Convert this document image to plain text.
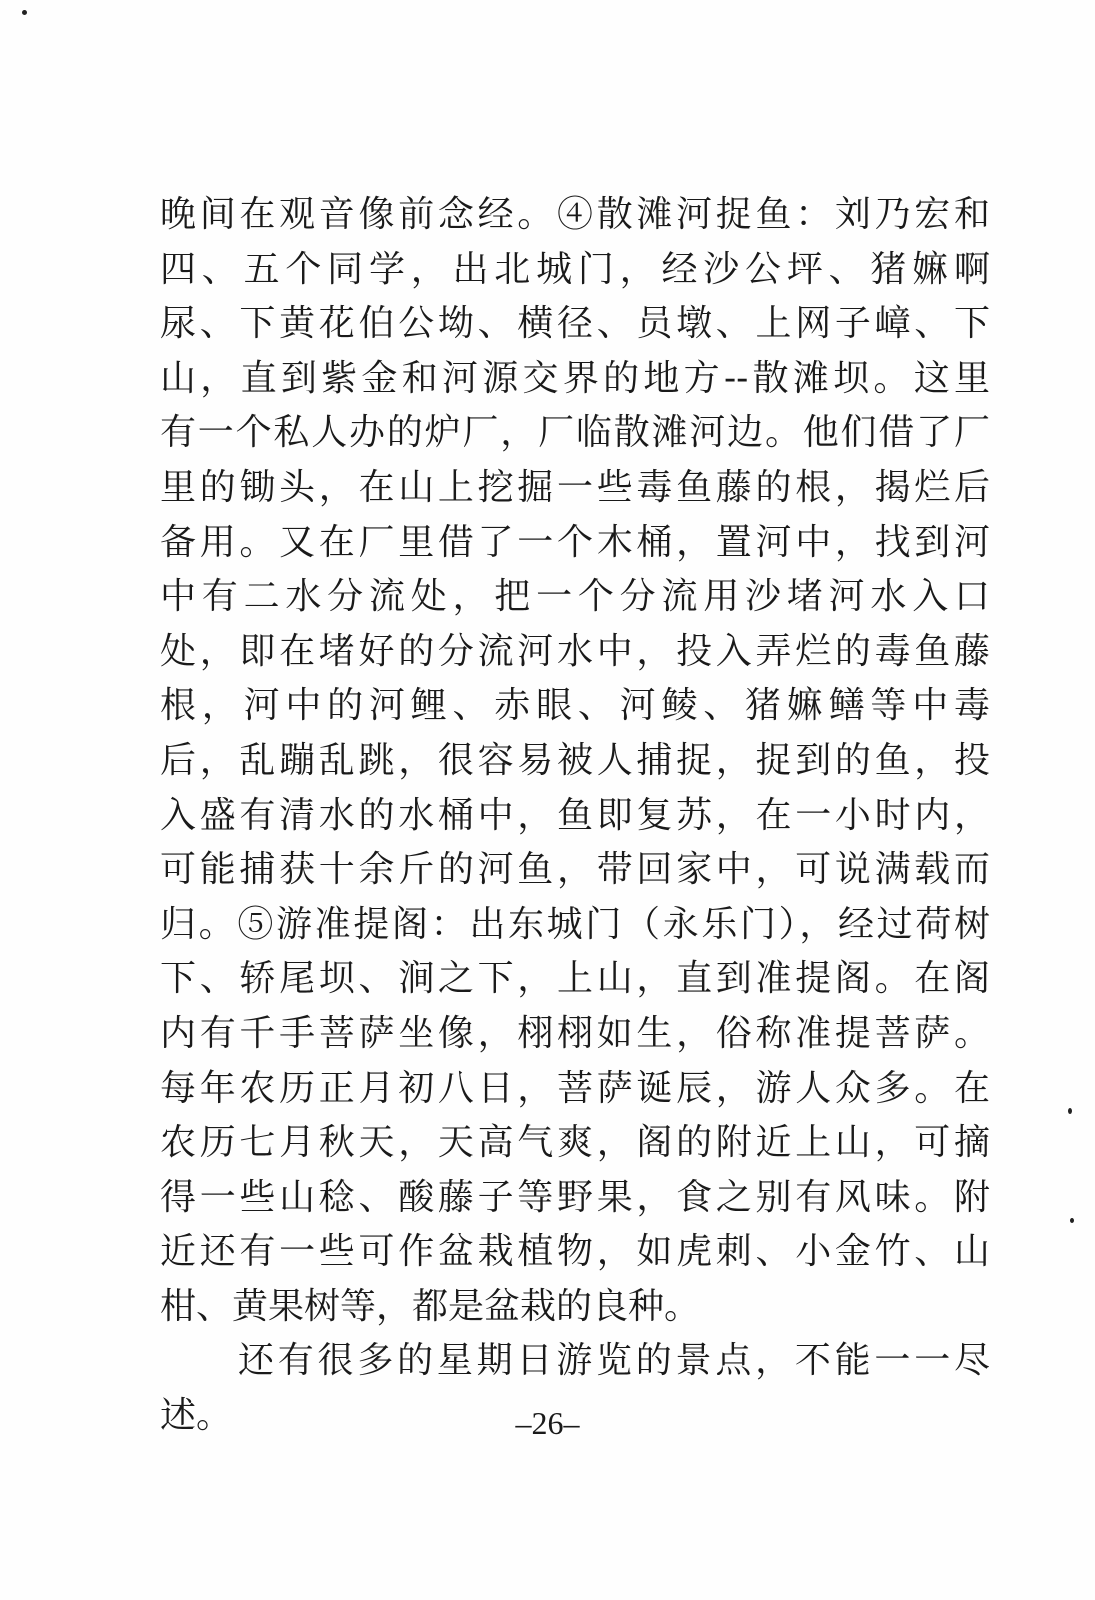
晚间在观音像前念经。④散滩河捉鱼：刘乃宏和
四、五个同学，出北城门，经沙公坪、猪嫲啊
尿、下黄花伯公坳、横径、员墩、上网子嶂、下
山，直到紫金和河源交界的地方--散滩坝。这里
有一个私人办的炉厂，厂临散滩河边。他们借了厂
里的锄头，在山上挖掘一些毒鱼藤的根，揭烂后
备用。又在厂里借了一个木桶，置河中，找到河
中有二水分流处，把一个分流用沙堵河水入口
处，即在堵好的分流河水中，投入弄烂的毒鱼藤
根，河中的河鲤、赤眼、河鲮、猪嫲鳝等中毒
后，乱蹦乱跳，很容易被人捕捉，捉到的鱼，投
入盛有清水的水桶中，鱼即复苏，在一小时内，
可能捕获十余斤的河鱼，带回家中，可说满载而
归。⑤游准提阁：出东城门（永乐门），经过荷树
下、轿尾坝、涧之下，上山，直到准提阁。在阁
内有千手菩萨坐像，栩栩如生，俗称准提菩萨。
每年农历正月初八日，菩萨诞辰，游人众多。在
农历七月秋天，天高气爽，阁的附近上山，可摘
得一些山稔、酸藤子等野果，食之别有风味。附
近还有一些可作盆栽植物，如虎刺、小金竹、山
柑、黄果树等，都是盆栽的良种。
还有很多的星期日游览的景点，不能一一尽
述。	–26–
